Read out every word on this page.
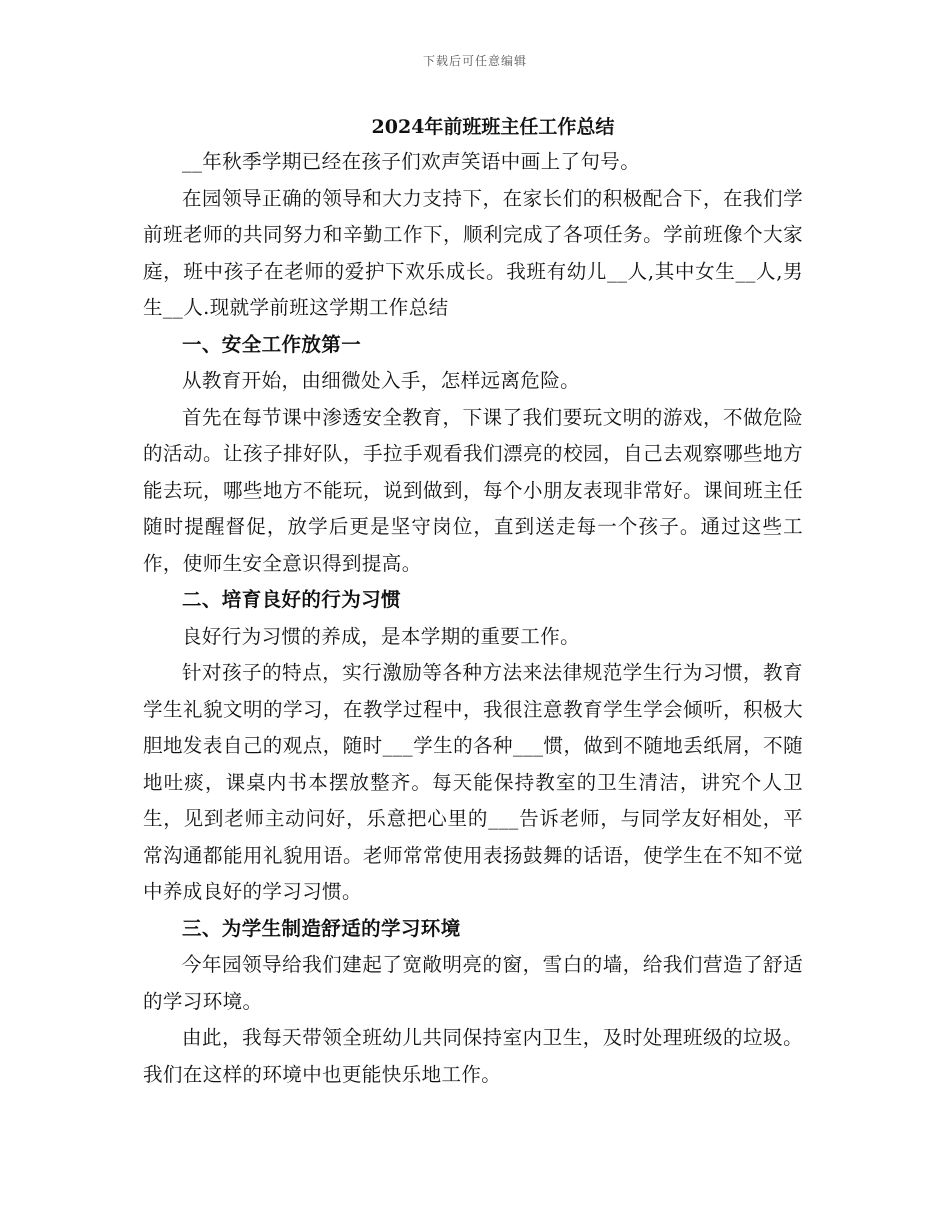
下载后可任意编辑
2024年前班班主任工作总结

__年秋季学期已经在孩子们欢声笑语中画上了句号。

在园领导正确的领导和大力支持下，在家长们的积极配合下，在我们学前班老师的共同努力和辛勤工作下，顺利完成了各项任务。学前班像个大家庭，班中孩子在老师的爱护下欢乐成长。我班有幼儿__人,其中女生__人,男生__人.现就学前班这学期工作总结

一、安全工作放第一

从教育开始，由细微处入手，怎样远离危险。

首先在每节课中渗透安全教育，下课了我们要玩文明的游戏，不做危险的活动。让孩子排好队，手拉手观看我们漂亮的校园，自己去观察哪些地方能去玩，哪些地方不能玩，说到做到，每个小朋友表现非常好。课间班主任随时提醒督促，放学后更是坚守岗位，直到送走每一个孩子。通过这些工作，使师生安全意识得到提高。

二、培育良好的行为习惯

良好行为习惯的养成，是本学期的重要工作。

针对孩子的特点，实行激励等各种方法来法律规范学生行为习惯，教育学生礼貌文明的学习，在教学过程中，我很注意教育学生学会倾听，积极大胆地发表自己的观点，随时___学生的各种___惯，做到不随地丢纸屑，不随地吐痰，课桌内书本摆放整齐。每天能保持教室的卫生清洁，讲究个人卫生，见到老师主动问好，乐意把心里的___告诉老师，与同学友好相处，平常沟通都能用礼貌用语。老师常常使用表扬鼓舞的话语，使学生在不知不觉中养成良好的学习习惯。

三、为学生制造舒适的学习环境

今年园领导给我们建起了宽敞明亮的窗，雪白的墙，给我们营造了舒适的学习环境。

由此，我每天带领全班幼儿共同保持室内卫生，及时处理班级的垃圾。我们在这样的环境中也更能快乐地工作。
